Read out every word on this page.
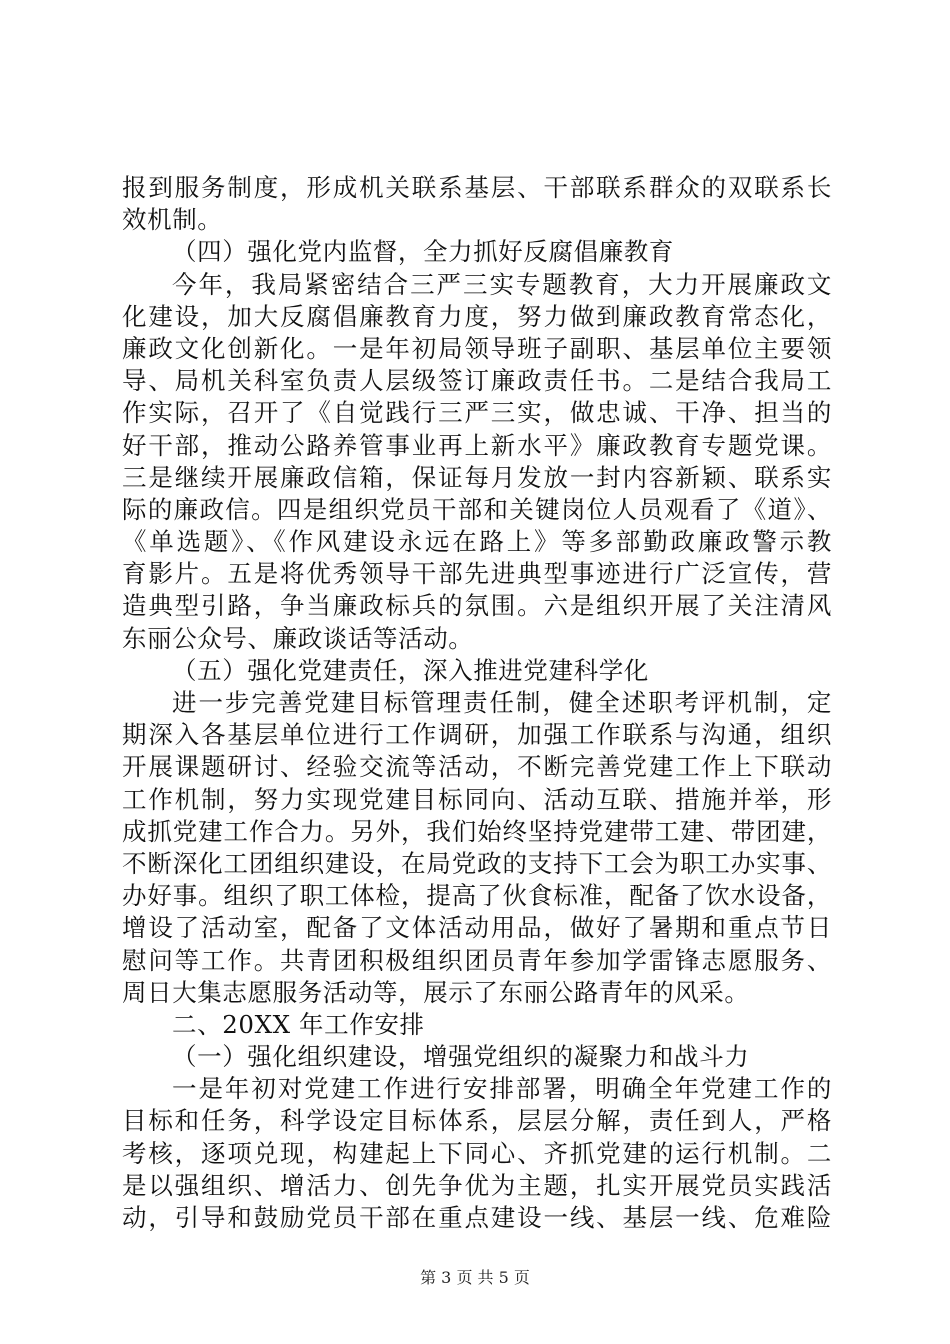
报到服务制度，形成机关联系基层、干部联系群众的双联系长
效机制。
（四）强化党内监督，全力抓好反腐倡廉教育
今年，我局紧密结合三严三实专题教育，大力开展廉政文
化建设，加大反腐倡廉教育力度，努力做到廉政教育常态化，
廉政文化创新化。一是年初局领导班子副职、基层单位主要领
导、局机关科室负责人层级签订廉政责任书。二是结合我局工
作实际，召开了《自觉践行三严三实，做忠诚、干净、担当的
好干部，推动公路养管事业再上新水平》廉政教育专题党课。
三是继续开展廉政信箱，保证每月发放一封内容新颖、联系实
际的廉政信。四是组织党员干部和关键岗位人员观看了《道》、
《单选题》、《作风建设永远在路上》等多部勤政廉政警示教
育影片。五是将优秀领导干部先进典型事迹进行广泛宣传，营
造典型引路，争当廉政标兵的氛围。六是组织开展了关注清风
东丽公众号、廉政谈话等活动。
（五）强化党建责任，深入推进党建科学化
进一步完善党建目标管理责任制，健全述职考评机制，定
期深入各基层单位进行工作调研，加强工作联系与沟通，组织
开展课题研讨、经验交流等活动，不断完善党建工作上下联动
工作机制，努力实现党建目标同向、活动互联、措施并举，形
成抓党建工作合力。另外，我们始终坚持党建带工建、带团建，
不断深化工团组织建设，在局党政的支持下工会为职工办实事、
办好事。组织了职工体检，提高了伙食标准，配备了饮水设备，
增设了活动室，配备了文体活动用品，做好了暑期和重点节日
慰问等工作。共青团积极组织团员青年参加学雷锋志愿服务、
周日大集志愿服务活动等，展示了东丽公路青年的风采。
二、20XX 年工作安排
（一）强化组织建设，增强党组织的凝聚力和战斗力
一是年初对党建工作进行安排部署，明确全年党建工作的
目标和任务，科学设定目标体系，层层分解，责任到人，严格
考核，逐项兑现，构建起上下同心、齐抓党建的运行机制。二
是以强组织、增活力、创先争优为主题，扎实开展党员实践活
动，引导和鼓励党员干部在重点建设一线、基层一线、危难险
第 3 页 共 5 页
